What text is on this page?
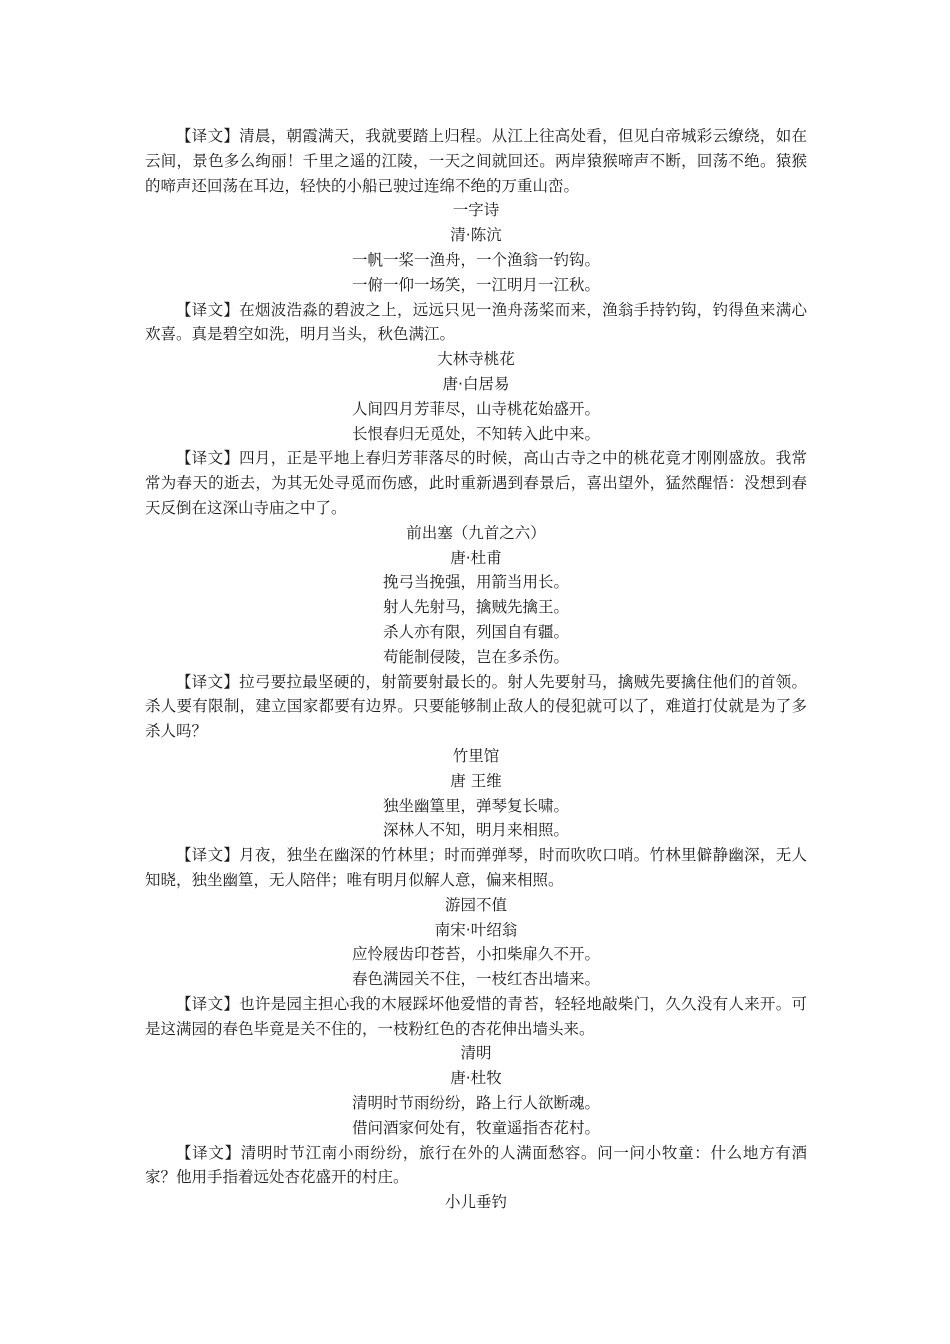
【译文】清晨，朝霞满天，我就要踏上归程。从江上往高处看，但见白帝城彩云缭绕，如在云间，景色多么绚丽！千里之遥的江陵，一天之间就回还。两岸猿猴啼声不断，回荡不绝。猿猴的啼声还回荡在耳边，轻快的小船已驶过连绵不绝的万重山峦。

一字诗

清·陈沆

一帆一桨一渔舟，一个渔翁一钓钩。

一俯一仰一场笑，一江明月一江秋。

【译文】在烟波浩淼的碧波之上，远远只见一渔舟荡桨而来，渔翁手持钓钩，钓得鱼来满心欢喜。真是碧空如洗，明月当头，秋色满江。

大林寺桃花

唐·白居易

人间四月芳菲尽，山寺桃花始盛开。

长恨春归无觅处，不知转入此中来。

【译文】四月，正是平地上春归芳菲落尽的时候，高山古寺之中的桃花竟才刚刚盛放。我常常为春天的逝去，为其无处寻觅而伤感，此时重新遇到春景后，喜出望外，猛然醒悟：没想到春天反倒在这深山寺庙之中了。

前出塞（九首之六）

唐·杜甫

挽弓当挽强，用箭当用长。

射人先射马，擒贼先擒王。

杀人亦有限，列国自有疆。

苟能制侵陵，岂在多杀伤。

【译文】拉弓要拉最坚硬的，射箭要射最长的。射人先要射马，擒贼先要擒住他们的首领。杀人要有限制，建立国家都要有边界。只要能够制止敌人的侵犯就可以了，难道打仗就是为了多杀人吗？

竹里馆

唐 王维

独坐幽篁里，弹琴复长啸。

深林人不知，明月来相照。

【译文】月夜，独坐在幽深的竹林里；时而弹弹琴，时而吹吹口哨。竹林里僻静幽深，无人知晓，独坐幽篁，无人陪伴；唯有明月似解人意，偏来相照。

游园不值

南宋·叶绍翁

应怜屐齿印苍苔，小扣柴扉久不开。

春色满园关不住，一枝红杏出墙来。

【译文】也许是园主担心我的木屐踩坏他爱惜的青苔，轻轻地敲柴门，久久没有人来开。可是这满园的春色毕竟是关不住的，一枝粉红色的杏花伸出墙头来。

清明

唐·杜牧

清明时节雨纷纷，路上行人欲断魂。

借问酒家何处有，牧童遥指杏花村。

【译文】清明时节江南小雨纷纷，旅行在外的人满面愁容。问一问小牧童：什么地方有酒家？他用手指着远处杏花盛开的村庄。

小儿垂钓
